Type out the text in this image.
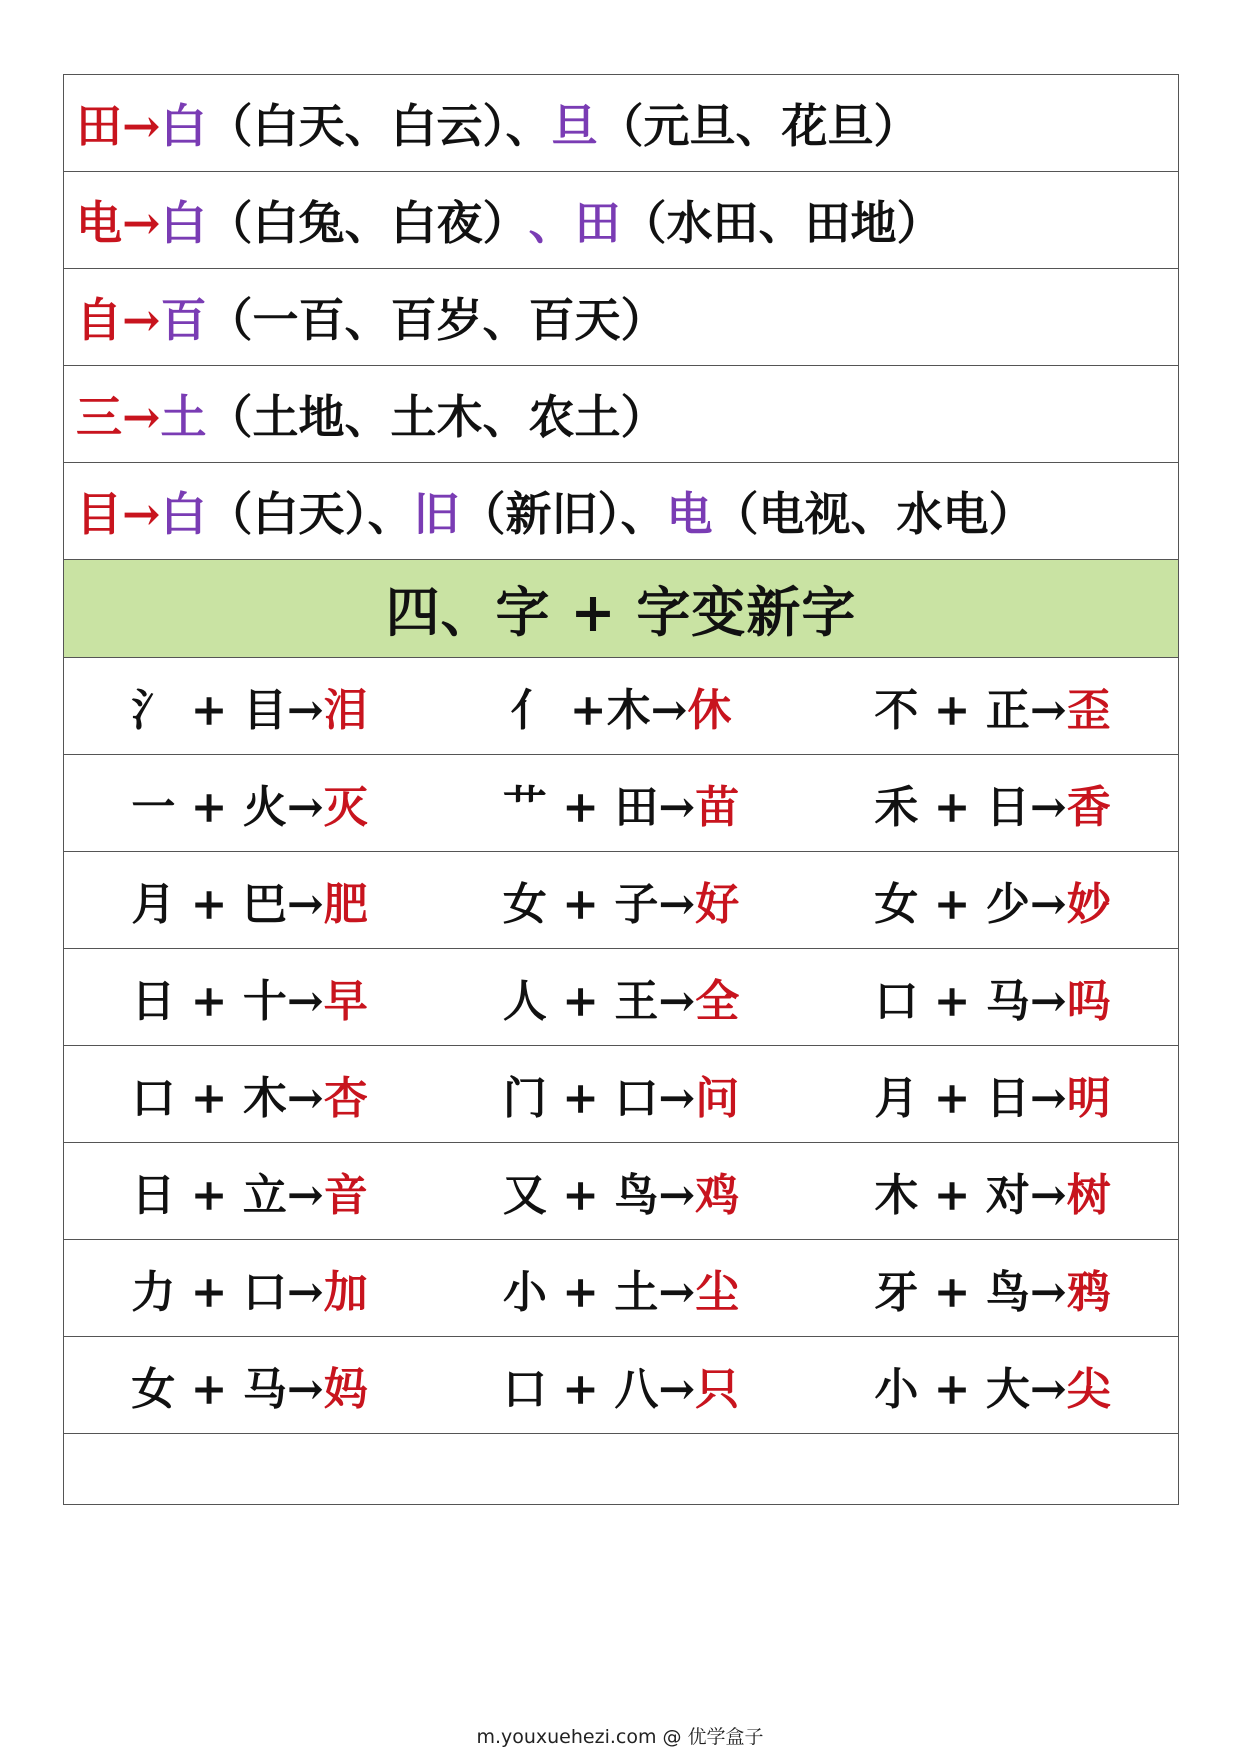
田→ 白 （白天、白云）、 旦 （元旦、花旦）
电→ 白 （白兔、白夜） 、田 （水田、田地）
自→ 百 （一百、百岁、百天）
三→ 土 （土地、土木、农土）
目→ 白 （白天）、 旧 （新旧）、 电 （电视、水电）
四、字 + 字变新字
氵 + 目→泪	亻 +木→休	不 + 正→歪
一 + 火→灭	艹 + 田→苗	禾 + 日→香
月 + 巴→肥	女 + 子→好	女 + 少→妙
日 + 十→早	人 + 王→全	口 + 马→吗
口 + 木→杏	门 + 口→问	月 + 日→明
日 + 立→音	又 + 鸟→鸡	木 + 对→树
力 + 口→加	小 + 土→尘	牙 + 鸟→鸦
女 + 马→妈	口 + 八→只	小 + 大→尖
m.youxuehezi.com @ 优学盒子
